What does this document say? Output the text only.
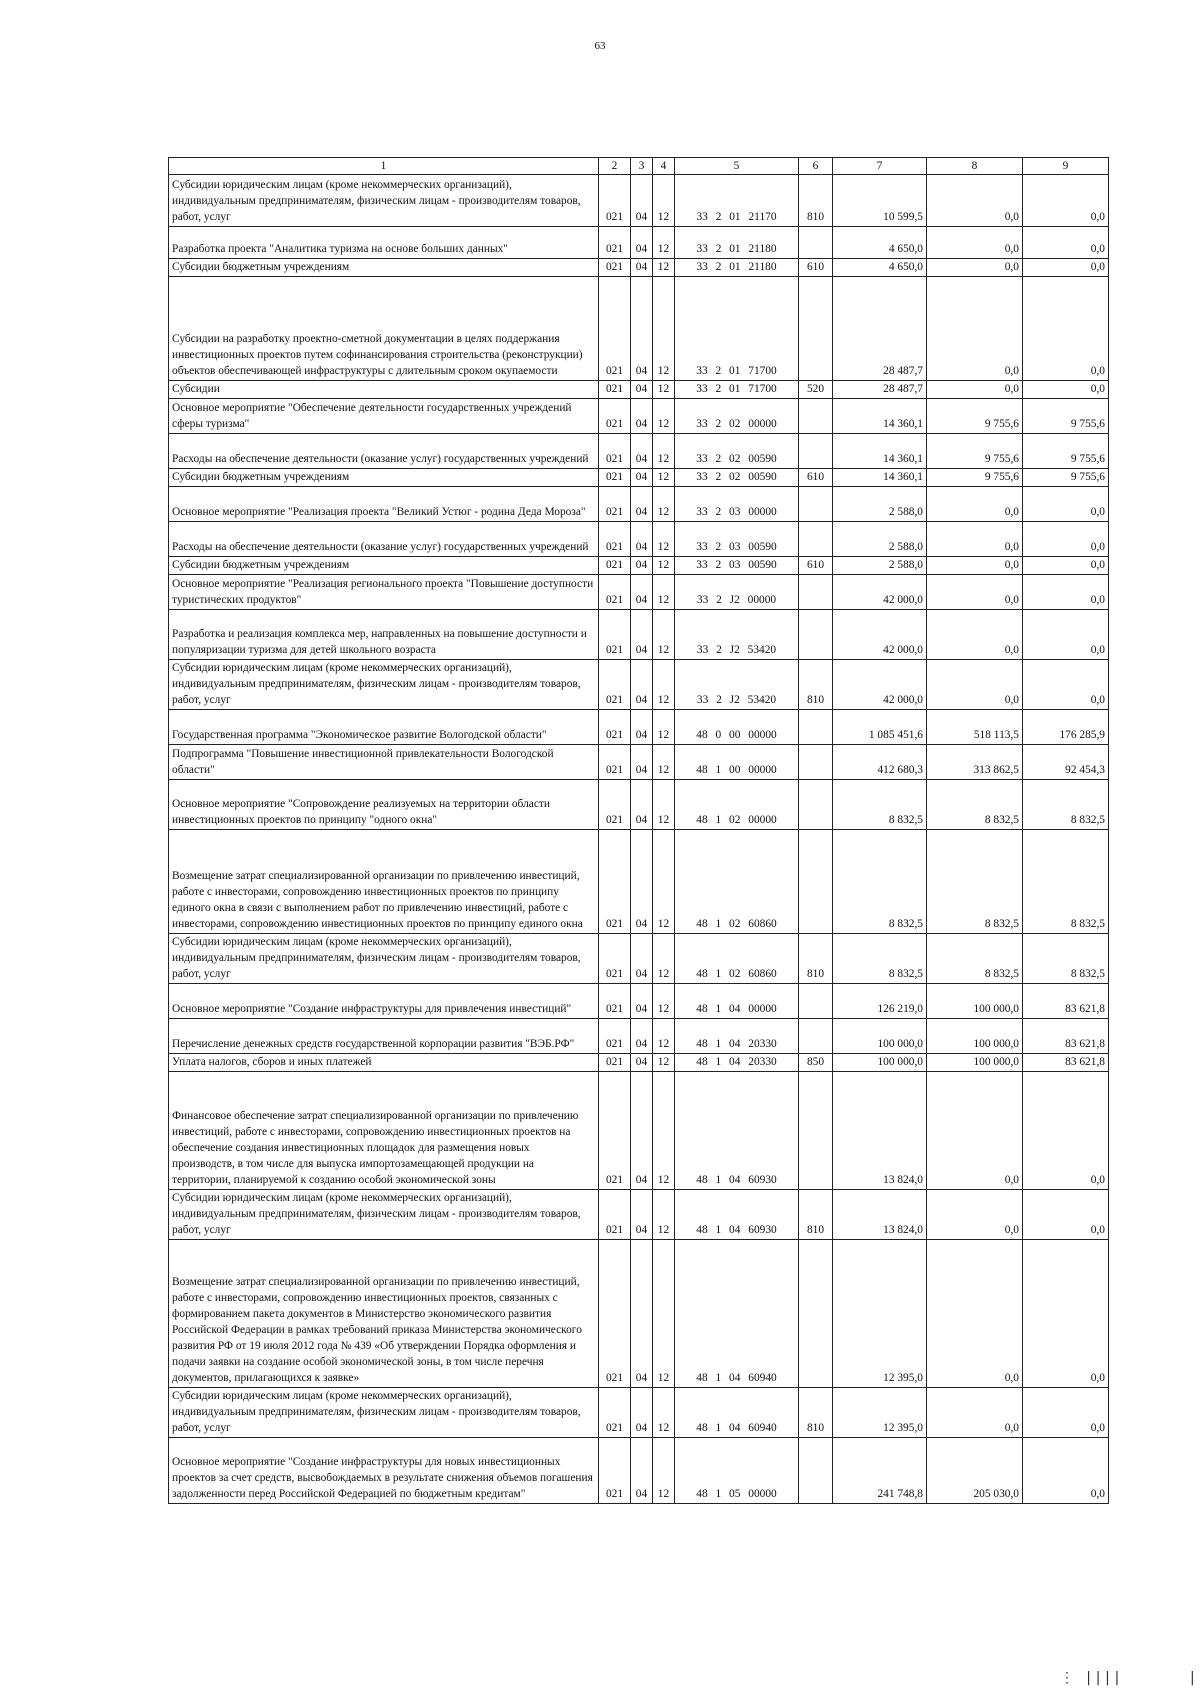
63
1	2	3	4	5	6	7	8	9
Субсидии юридическим лицам (кроме некоммерческих организаций), индивидуальным предпринимателям, физическим лицам - производителям товаров, работ, услуг	021	04	12	33 2 01 21170	810	10 599,5	0,0	0,0
Разработка проекта "Аналитика туризма на основе больших данных"	021	04	12	33 2 01 21180		4 650,0	0,0	0,0
Субсидии бюджетным учреждениям	021	04	12	33 2 01 21180	610	4 650,0	0,0	0,0
Субсидии на разработку проектно-сметной документации в целях поддержания инвестиционных проектов путем софинансирования строительства (реконструкции) объектов обеспечивающей инфраструктуры с длительным сроком окупаемости	021	04	12	33 2 01 71700		28 487,7	0,0	0,0
Субсидии	021	04	12	33 2 01 71700	520	28 487,7	0,0	0,0
Основное мероприятие "Обеспечение деятельности государственных учреждений сферы туризма"	021	04	12	33 2 02 00000		14 360,1	9 755,6	9 755,6
Расходы на обеспечение деятельности (оказание услуг) государственных учреждений	021	04	12	33 2 02 00590		14 360,1	9 755,6	9 755,6
Субсидии бюджетным учреждениям	021	04	12	33 2 02 00590	610	14 360,1	9 755,6	9 755,6
Основное мероприятие "Реализация проекта "Великий Устюг - родина Деда Мороза"	021	04	12	33 2 03 00000		2 588,0	0,0	0,0
Расходы на обеспечение деятельности (оказание услуг) государственных учреждений	021	04	12	33 2 03 00590		2 588,0	0,0	0,0
Субсидии бюджетным учреждениям	021	04	12	33 2 03 00590	610	2 588,0	0,0	0,0
Основное мероприятие "Реализация регионального проекта "Повышение доступности туристических продуктов"	021	04	12	33 2 J2 00000		42 000,0	0,0	0,0
Разработка и реализация комплекса мер, направленных на повышение доступности и популяризации туризма для детей школьного возраста	021	04	12	33 2 J2 53420		42 000,0	0,0	0,0
Субсидии юридическим лицам (кроме некоммерческих организаций), индивидуальным предпринимателям, физическим лицам - производителям товаров, работ, услуг	021	04	12	33 2 J2 53420	810	42 000,0	0,0	0,0
Государственная программа "Экономическое развитие Вологодской области"	021	04	12	48 0 00 00000		1 085 451,6	518 113,5	176 285,9
Подпрограмма "Повышение инвестиционной привлекательности Вологодской области"	021	04	12	48 1 00 00000		412 680,3	313 862,5	92 454,3
Основное мероприятие "Сопровождение реализуемых на территории области инвестиционных проектов по принципу "одного окна"	021	04	12	48 1 02 00000		8 832,5	8 832,5	8 832,5
Возмещение затрат специализированной организации по привлечению инвестиций, работе с инвесторами, сопровождению инвестиционных проектов по принципу единого окна в связи с выполнением работ по привлечению инвестиций, работе с инвесторами, сопровождению инвестиционных проектов по принципу единого окна	021	04	12	48 1 02 60860		8 832,5	8 832,5	8 832,5
Субсидии юридическим лицам (кроме некоммерческих организаций), индивидуальным предпринимателям, физическим лицам - производителям товаров, работ, услуг	021	04	12	48 1 02 60860	810	8 832,5	8 832,5	8 832,5
Основное мероприятие "Создание инфраструктуры для привлечения инвестиций"	021	04	12	48 1 04 00000		126 219,0	100 000,0	83 621,8
Перечисление денежных средств государственной корпорации развития "ВЭБ.РФ"	021	04	12	48 1 04 20330		100 000,0	100 000,0	83 621,8
Уплата налогов, сборов и иных платежей	021	04	12	48 1 04 20330	850	100 000,0	100 000,0	83 621,8
Финансовое обеспечение затрат специализированной организации по привлечению инвестиций, работе с инвесторами, сопровождению инвестиционных проектов на обеспечение создания инвестиционных площадок для размещения новых производств, в том числе для выпуска импортозамещающей продукции на территории, планируемой к созданию особой экономической зоны	021	04	12	48 1 04 60930		13 824,0	0,0	0,0
Субсидии юридическим лицам (кроме некоммерческих организаций), индивидуальным предпринимателям, физическим лицам - производителям товаров, работ, услуг	021	04	12	48 1 04 60930	810	13 824,0	0,0	0,0
Возмещение затрат специализированной организации по привлечению инвестиций, работе с инвесторами, сопровождению инвестиционных проектов, связанных с формированием пакета документов в Министерство экономического развития Российской Федерации в рамках требований приказа Министерства экономического развития РФ от 19 июля 2012 года № 439 «Об утверждении Порядка оформления и подачи заявки на создание особой экономической зоны, в том числе перечня документов, прилагающихся к заявке»	021	04	12	48 1 04 60940		12 395,0	0,0	0,0
Субсидии юридическим лицам (кроме некоммерческих организаций), индивидуальным предпринимателям, физическим лицам - производителям товаров, работ, услуг	021	04	12	48 1 04 60940	810	12 395,0	0,0	0,0
Основное мероприятие "Создание инфраструктуры для новых инвестиционных проектов за счет средств, высвобождаемых в результате снижения объемов погашения задолженности перед Российской Федерацией по бюджетным кредитам"	021	04	12	48 1 05 00000		241 748,8	205 030,0	0,0
⋮ ||||       |
